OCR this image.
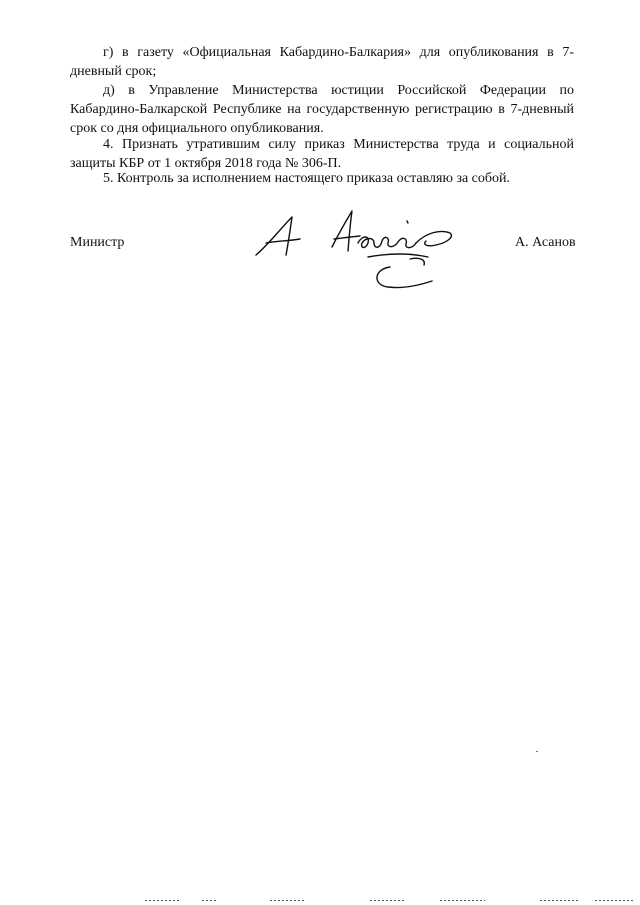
г) в газету «Официальная Кабардино-Балкария» для опубликования в 7-дневный срок;

д) в Управление Министерства юстиции Российской Федерации по Кабардино-Балкарской Республике на государственную регистрацию в 7-дневный срок со дня официального опубликования.

4. Признать утратившим силу приказ Министерства труда и социальной защиты КБР от 1 октября 2018 года № 306-П.

5. Контроль за исполнением настоящего приказа оставляю за собой.

Министр	А. Асанов
